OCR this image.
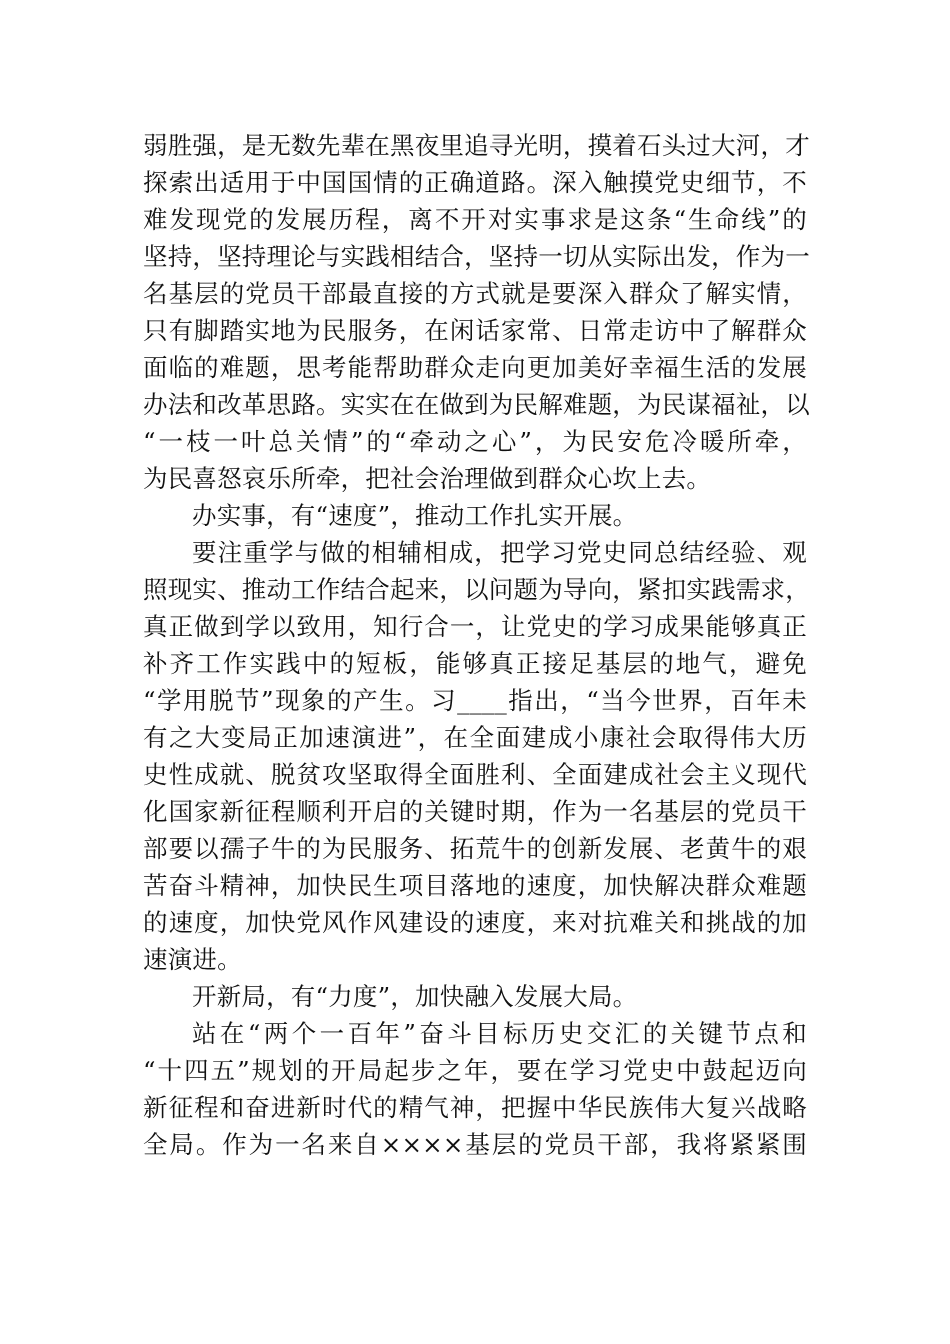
弱胜强，是无数先辈在黑夜里追寻光明，摸着石头过大河，才
探索出适用于中国国情的正确道路。深入触摸党史细节，不
难发现党的发展历程，离不开对实事求是这条“生命线”的
坚持，坚持理论与实践相结合，坚持一切从实际出发，作为一
名基层的党员干部最直接的方式就是要深入群众了解实情，
只有脚踏实地为民服务，在闲话家常、日常走访中了解群众
面临的难题，思考能帮助群众走向更加美好幸福生活的发展
办法和改革思路。实实在在做到为民解难题，为民谋福祉，以
“一枝一叶总关情”的“牵动之心”，为民安危冷暖所牵，
为民喜怒哀乐所牵，把社会治理做到群众心坎上去。
办实事，有“速度”，推动工作扎实开展。
要注重学与做的相辅相成，把学习党史同总结经验、观
照现实、推动工作结合起来，以问题为导向，紧扣实践需求，
真正做到学以致用，知行合一，让党史的学习成果能够真正
补齐工作实践中的短板，能够真正接足基层的地气，避免
“学用脱节”现象的产生。习____指出，“当今世界，百年未
有之大变局正加速演进”，在全面建成小康社会取得伟大历
史性成就、脱贫攻坚取得全面胜利、全面建成社会主义现代
化国家新征程顺利开启的关键时期，作为一名基层的党员干
部要以孺子牛的为民服务、拓荒牛的创新发展、老黄牛的艰
苦奋斗精神，加快民生项目落地的速度，加快解决群众难题
的速度，加快党风作风建设的速度，来对抗难关和挑战的加
速演进。
开新局，有“力度”，加快融入发展大局。
站在“两个一百年”奋斗目标历史交汇的关键节点和
“十四五”规划的开局起步之年，要在学习党史中鼓起迈向
新征程和奋进新时代的精气神，把握中华民族伟大复兴战略
全局。作为一名来自××××基层的党员干部，我将紧紧围
